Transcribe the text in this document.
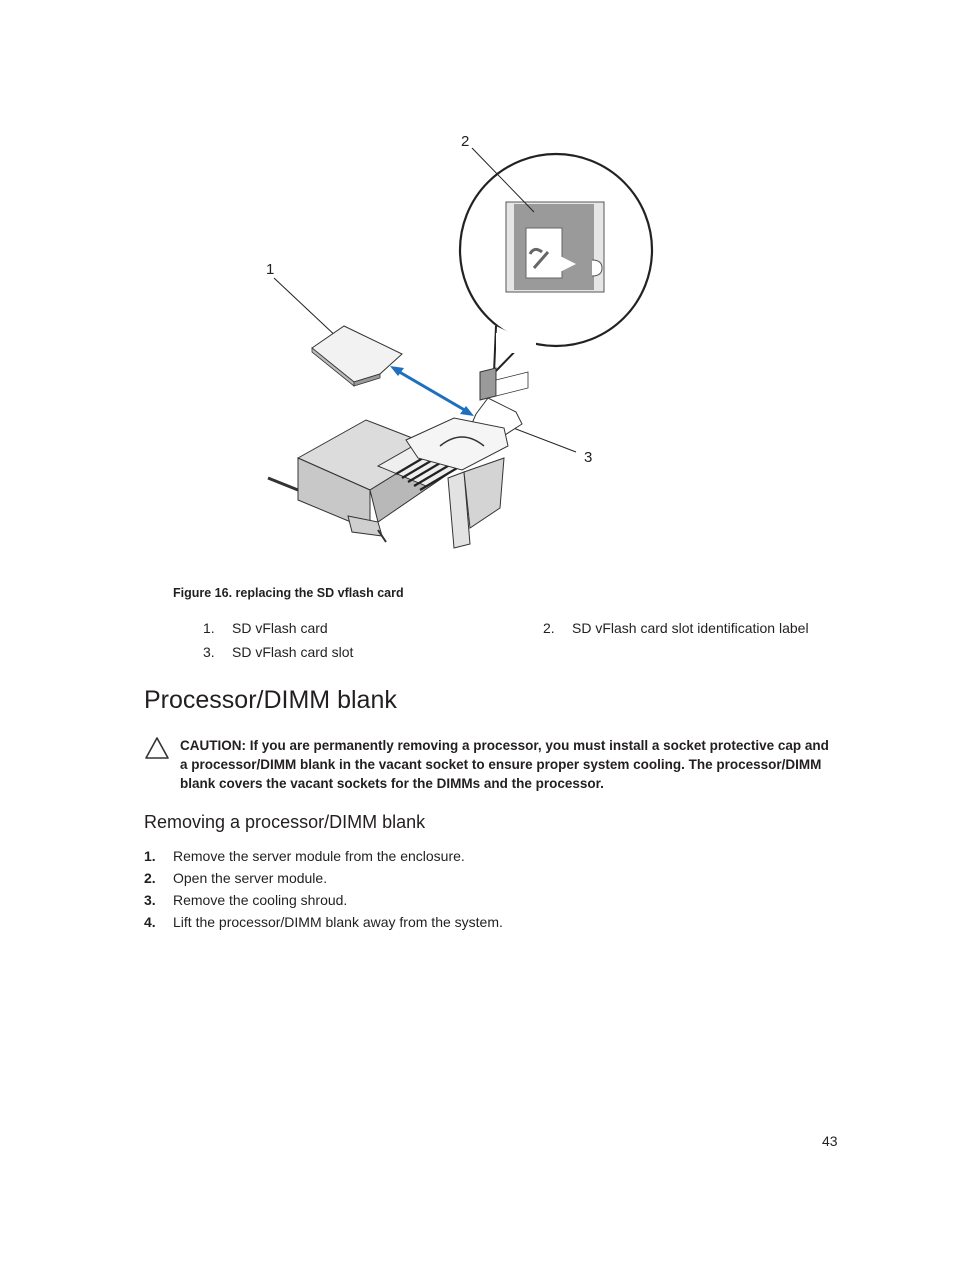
1
2
3
Figure 16. replacing the SD vflash card
1. SD vFlash card	2. SD vFlash card slot identification label
3. SD vFlash card slot
Processor/DIMM blank
CAUTION: If you are permanently removing a processor, you must install a socket protective cap and a processor/DIMM blank in the vacant socket to ensure proper system cooling. The processor/DIMM blank covers the vacant sockets for the DIMMs and the processor.
Removing a processor/DIMM blank
1. Remove the server module from the enclosure.
2. Open the server module.
3. Remove the cooling shroud.
4. Lift the processor/DIMM blank away from the system.
43
